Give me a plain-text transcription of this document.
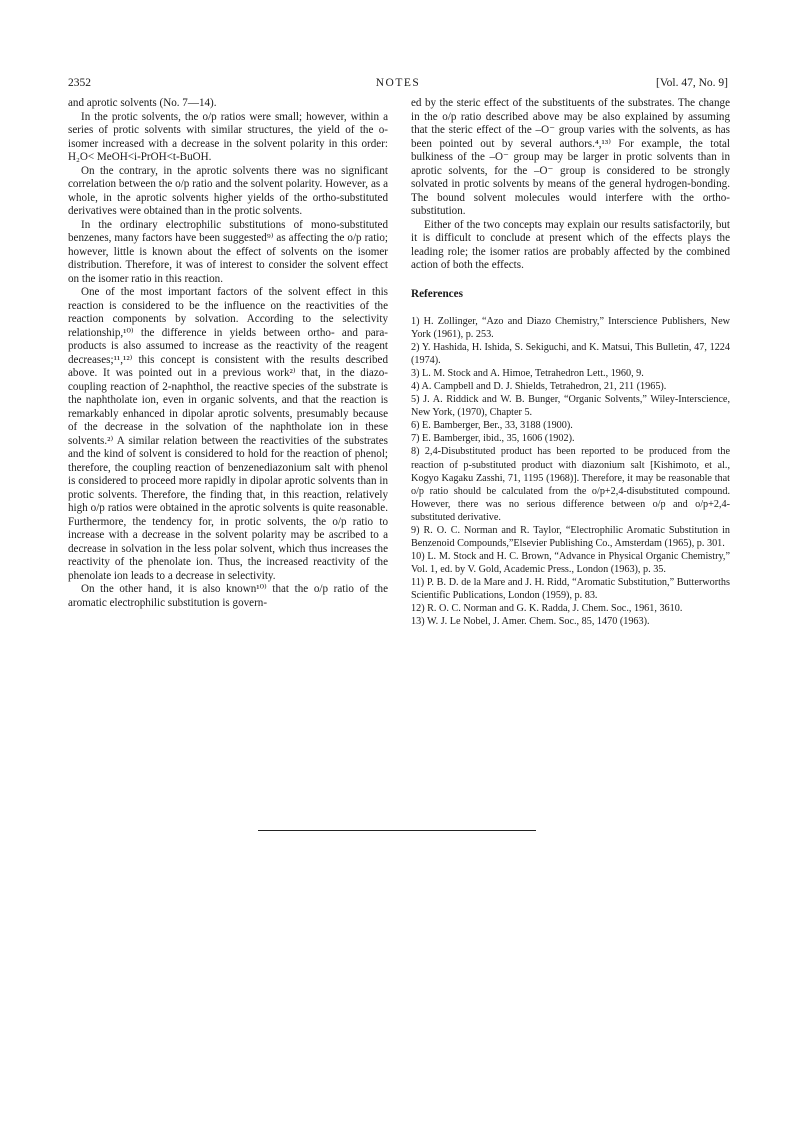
2352	NOTES	[Vol. 47, No. 9]

and aprotic solvents (No. 7—14).

In the protic solvents, the o/p ratios were small; however, within a series of protic solvents with similar structures, the yield of the o-isomer increased with a decrease in the solvent polarity in this order: H₂O< MeOH<i-PrOH<t-BuOH.

On the contrary, in the aprotic solvents there was no significant correlation between the o/p ratio and the solvent polarity. However, as a whole, in the aprotic solvents higher yields of the ortho-substituted derivatives were obtained than in the protic solvents.

In the ordinary electrophilic substitutions of mono-substituted benzenes, many factors have been suggested⁹⁾ as affecting the o/p ratio; however, little is known about the effect of solvents on the isomer distribution. Therefore, it was of interest to consider the solvent effect on the isomer ratio in this reaction.

One of the most important factors of the solvent effect in this reaction is considered to be the influence on the reactivities of the reaction components by solvation. According to the selectivity relationship,¹⁰⁾ the difference in yields between ortho- and para-products is also assumed to increase as the reactivity of the reagent decreases;¹¹,¹²⁾ this concept is consistent with the results described above. It was pointed out in a previous work²⁾ that, in the diazo-coupling reaction of 2-naphthol, the reactive species of the substrate is the naphtholate ion, even in organic solvents, and that the reaction is remarkably enhanced in dipolar aprotic solvents, presumably because of the decrease in the solvation of the naphtholate ion in these solvents.²⁾ A similar relation between the reactivities of the substrates and the kind of solvent is considered to hold for the reaction of phenol; therefore, the coupling reaction of benzenediazonium salt with phenol is considered to proceed more rapidly in dipolar aprotic solvents than in protic solvents. Therefore, the finding that, in this reaction, relatively high o/p ratios were obtained in the aprotic solvents is quite reasonable. Furthermore, the tendency for, in protic solvents, the o/p ratio to increase with a decrease in the solvent polarity may be ascribed to a decrease in solvation in the less polar solvent, which thus increases the reactivity of the phenolate ion. Thus, the increased reactivity of the phenolate ion leads to a decrease in selectivity.

On the other hand, it is also known¹⁰⁾ that the o/p ratio of the aromatic electrophilic substitution is govern-

ed by the steric effect of the substituents of the substrates. The change in the o/p ratio described above may be also explained by assuming that the steric effect of the –O⁻ group varies with the solvents, as has been pointed out by several authors.⁴,¹³⁾ For example, the total bulkiness of the –O⁻ group may be larger in protic solvents than in aprotic solvents, for the –O⁻ group is considered to be strongly solvated in protic solvents by means of the general hydrogen-bonding. The bound solvent molecules would interfere with the ortho-substitution.

Either of the two concepts may explain our results satisfactorily, but it is difficult to conclude at present which of the effects plays the leading role; the isomer ratios are probably affected by the combined action of both the effects.

References

1) H. Zollinger, “Azo and Diazo Chemistry,” Interscience Publishers, New York (1961), p. 253.

2) Y. Hashida, H. Ishida, S. Sekiguchi, and K. Matsui, This Bulletin, 47, 1224 (1974).

3) L. M. Stock and A. Himoe, Tetrahedron Lett., 1960, 9.

4) A. Campbell and D. J. Shields, Tetrahedron, 21, 211 (1965).

5) J. A. Riddick and W. B. Bunger, “Organic Solvents,” Wiley-Interscience, New York, (1970), Chapter 5.

6) E. Bamberger, Ber., 33, 3188 (1900).

7) E. Bamberger, ibid., 35, 1606 (1902).

8) 2,4-Disubstituted product has been reported to be produced from the reaction of p-substituted product with diazonium salt [Kishimoto, et al., Kogyo Kagaku Zasshi, 71, 1195 (1968)]. Therefore, it may be reasonable that o/p ratio should be calculated from the o/p+2,4-disubstituted compound. However, there was no serious difference between o/p and o/p+2,4-substituted derivative.

9) R. O. C. Norman and R. Taylor, “Electrophilic Aromatic Substitution in Benzenoid Compounds,”Elsevier Publishing Co., Amsterdam (1965), p. 301.

10) L. M. Stock and H. C. Brown, “Advance in Physical Organic Chemistry,” Vol. 1, ed. by V. Gold, Academic Press., London (1963), p. 35.

11) P. B. D. de la Mare and J. H. Ridd, “Aromatic Substitution,” Butterworths Scientific Publications, London (1959), p. 83.

12) R. O. C. Norman and G. K. Radda, J. Chem. Soc., 1961, 3610.

13) W. J. Le Nobel, J. Amer. Chem. Soc., 85, 1470 (1963).
